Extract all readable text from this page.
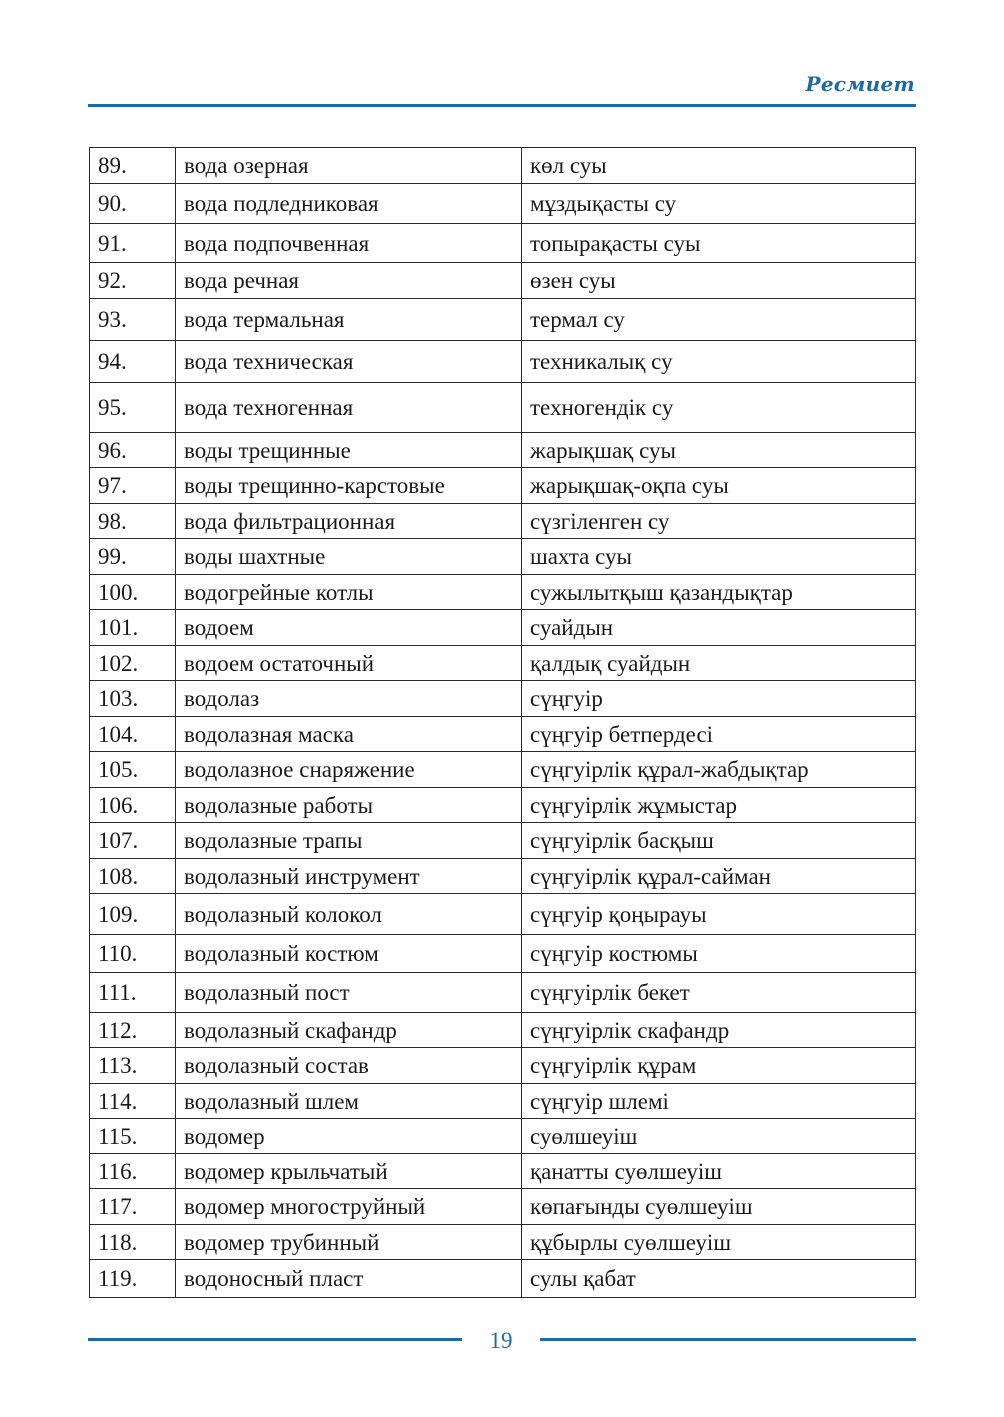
Ресмиет
89.	вода озерная	көл суы
90.	вода подледниковая	мұздықасты су
91.	вода подпочвенная	топырақасты суы
92.	вода речная	өзен суы
93.	вода термальная	термал су
94.	вода техническая	техникалық су
95.	вода техногенная	техногендік су
96.	воды трещинные	жарықшақ суы
97.	воды трещинно-карстовые	жарықшақ-оқпа суы
98.	вода фильтрационная	сүзгіленген су
99.	воды шахтные	шахта суы
100.	водогрейные котлы	сужылытқыш қазандықтар
101.	водоем	суайдын
102.	водоем остаточный	қалдық суайдын
103.	водолаз	сүңгуір
104.	водолазная маска	сүңгуір бетпердесі
105.	водолазное снаряжение	сүңгуірлік құрал-жабдықтар
106.	водолазные работы	сүңгуірлік жұмыстар
107.	водолазные трапы	сүңгуірлік басқыш
108.	водолазный инструмент	сүңгуірлік құрал-сайман
109.	водолазный колокол	сүңгуір қоңырауы
110.	водолазный костюм	сүңгуір костюмы
111.	водолазный пост	сүңгуірлік бекет
112.	водолазный скафандр	сүңгуірлік скафандр
113.	водолазный состав	сүңгуірлік құрам
114.	водолазный шлем	сүңгуір шлемі
115.	водомер	суөлшеуіш
116.	водомер крыльчатый	қанатты суөлшеуіш
117.	водомер многоструйный	көпағынды суөлшеуіш
118.	водомер трубинный	құбырлы суөлшеуіш
119.	водоносный пласт	сулы қабат
19
